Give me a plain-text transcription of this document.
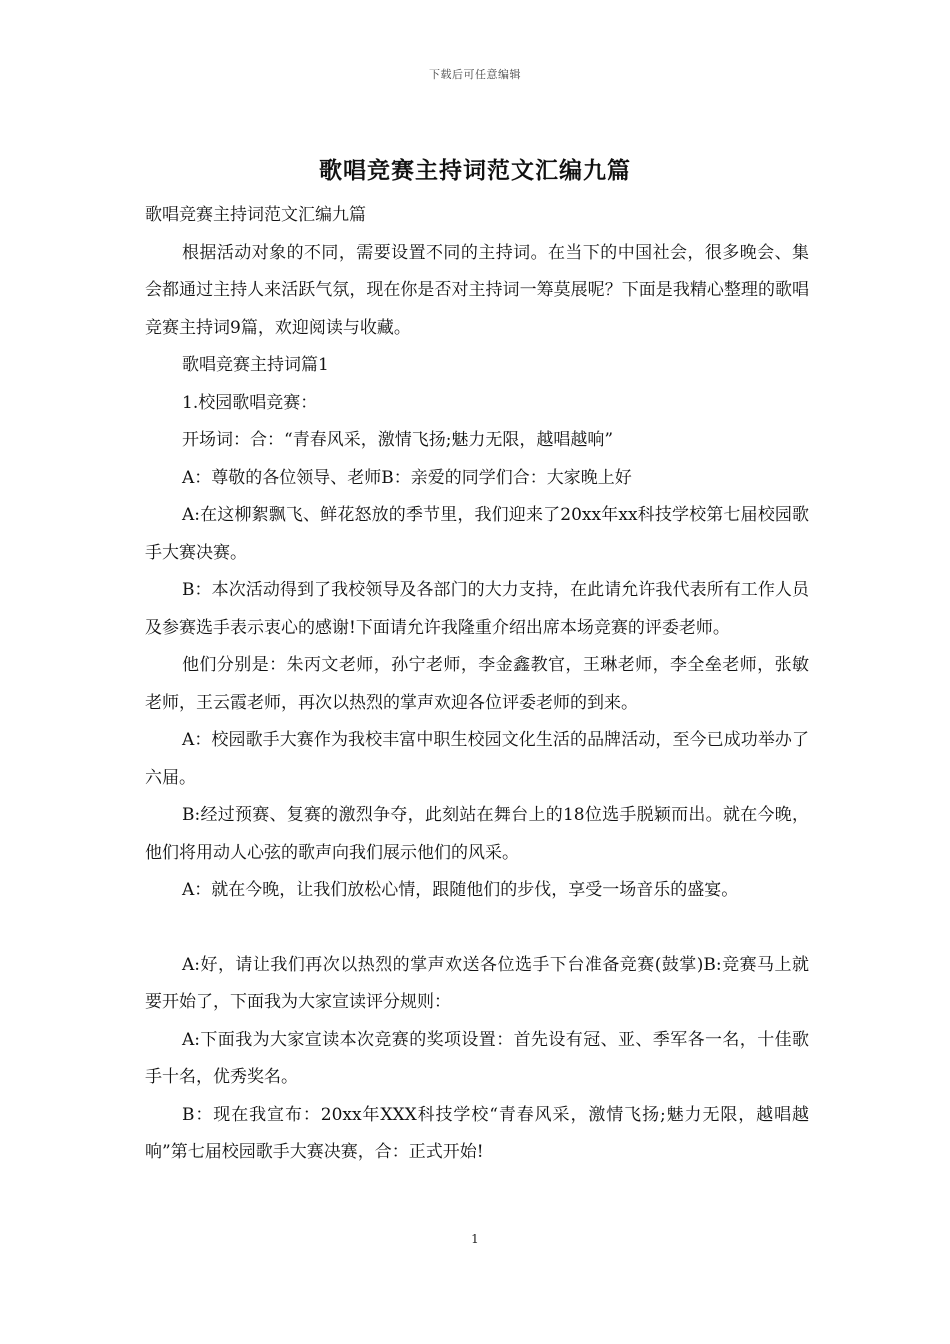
下载后可任意编辑
歌唱竞赛主持词范文汇编九篇

歌唱竞赛主持词范文汇编九篇

根据活动对象的不同，需要设置不同的主持词。在当下的中国社会，很多晚会、集会都通过主持人来活跃气氛，现在你是否对主持词一筹莫展呢？下面是我精心整理的歌唱竞赛主持词9篇，欢迎阅读与收藏。

歌唱竞赛主持词篇1

1.校园歌唱竞赛：

开场词：合：“青春风采，激情飞扬;魅力无限，越唱越响”

A：尊敬的各位领导、老师B：亲爱的同学们合：大家晚上好

A:在这柳絮飘飞、鲜花怒放的季节里，我们迎来了20xx年xx科技学校第七届校园歌手大赛决赛。

B：本次活动得到了我校领导及各部门的大力支持，在此请允许我代表所有工作人员及参赛选手表示衷心的感谢!下面请允许我隆重介绍出席本场竞赛的评委老师。

他们分别是：朱丙文老师，孙宁老师，李金鑫教官，王琳老师，李全垒老师，张敏老师，王云霞老师，再次以热烈的掌声欢迎各位评委老师的到来。

A：校园歌手大赛作为我校丰富中职生校园文化生活的品牌活动，至今已成功举办了六届。

B:经过预赛、复赛的激烈争夺，此刻站在舞台上的18位选手脱颖而出。就在今晚，他们将用动人心弦的歌声向我们展示他们的风采。

A：就在今晚，让我们放松心情，跟随他们的步伐，享受一场音乐的盛宴。

A:好，请让我们再次以热烈的掌声欢送各位选手下台准备竞赛(鼓掌)B:竞赛马上就要开始了，下面我为大家宣读评分规则：

A:下面我为大家宣读本次竞赛的奖项设置：首先设有冠、亚、季军各一名，十佳歌手十名，优秀奖名。

B：现在我宣布：20xx年XXX科技学校“青春风采，激情飞扬;魅力无限，越唱越响”第七届校园歌手大赛决赛，合：正式开始!

1
